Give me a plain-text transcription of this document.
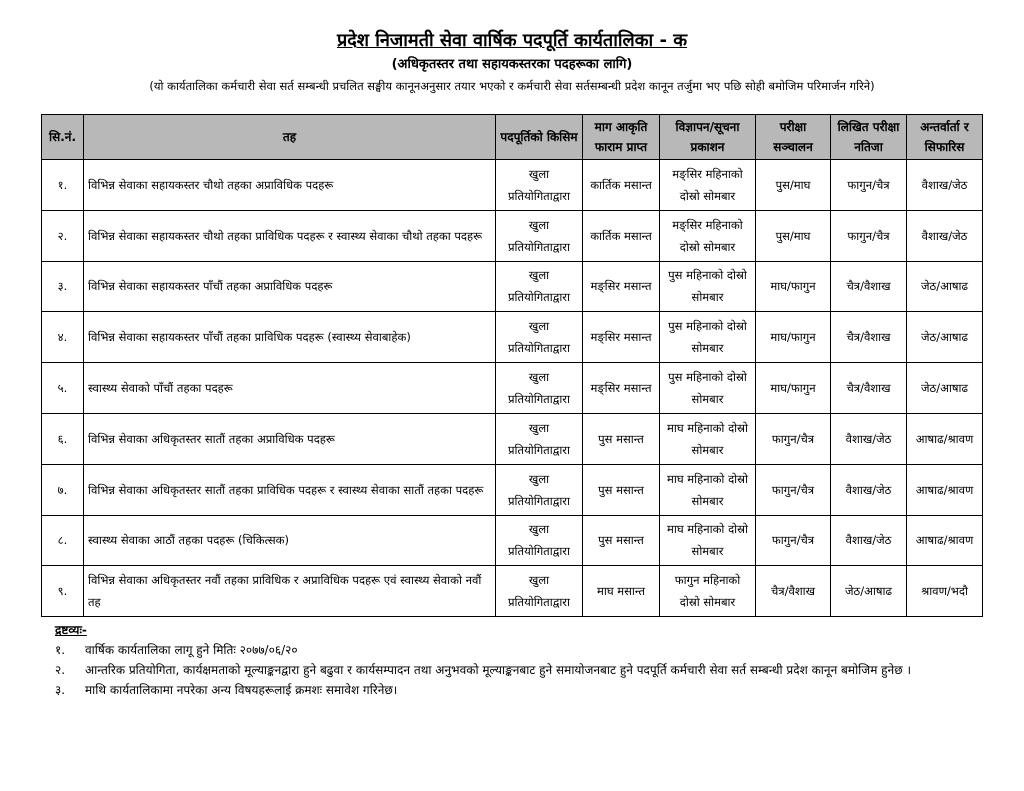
प्रदेश निजामती सेवा वार्षिक पदपूर्ति कार्यतालिका - क
(अधिकृतस्तर तथा सहायकस्तरका पदहरूका लागि)
(यो कार्यतालिका कर्मचारी सेवा सर्त सम्बन्धी प्रचलित सङ्घीय कानूनअनुसार तयार भएको र कर्मचारी सेवा सर्तसम्बन्धी प्रदेश कानून तर्जुमा भए पछि सोही बमोजिम परिमार्जन गरिने)
सि.नं.	तह	पदपूर्तिको किसिम	माग आकृति फाराम प्राप्त	विज्ञापन/सूचना प्रकाशन	परीक्षा सञ्चालन	लिखित परीक्षा नतिजा	अन्तर्वार्ता र सिफारिस
१.	विभिन्न सेवाका सहायकस्तर चौथो तहका अप्राविधिक पदहरू	खुला प्रतियोगिताद्वारा	कार्तिक मसान्त	मङ्सिर महिनाको दोस्रो सोमबार	पुस/माघ	फागुन/चैत्र	वैशाख/जेठ
२.	विभिन्न सेवाका सहायकस्तर चौथो तहका प्राविधिक पदहरू र स्वास्थ्य सेवाका चौथो तहका पदहरू	खुला प्रतियोगिताद्वारा	कार्तिक मसान्त	मङ्सिर महिनाको दोस्रो सोमबार	पुस/माघ	फागुन/चैत्र	वैशाख/जेठ
३.	विभिन्न सेवाका सहायकस्तर पाँचौं तहका अप्राविधिक पदहरू	खुला प्रतियोगिताद्वारा	मङ्सिर मसान्त	पुस महिनाको दोस्रो सोमबार	माघ/फागुन	चैत्र/वैशाख	जेठ/आषाढ
४.	विभिन्न सेवाका सहायकस्तर पाँचौं तहका प्राविधिक पदहरू (स्वास्थ्य सेवाबाहेक)	खुला प्रतियोगिताद्वारा	मङ्सिर मसान्त	पुस महिनाको दोस्रो सोमबार	माघ/फागुन	चैत्र/वैशाख	जेठ/आषाढ
५.	स्वास्थ्य सेवाको पाँचौं तहका पदहरू	खुला प्रतियोगिताद्वारा	मङ्सिर मसान्त	पुस महिनाको दोस्रो सोमबार	माघ/फागुन	चैत्र/वैशाख	जेठ/आषाढ
६.	विभिन्न सेवाका अधिकृतस्तर सातौं तहका अप्राविधिक पदहरू	खुला प्रतियोगिताद्वारा	पुस मसान्त	माघ महिनाको दोस्रो सोमबार	फागुन/चैत्र	वैशाख/जेठ	आषाढ/श्रावण
७.	विभिन्न सेवाका अधिकृतस्तर सातौं तहका प्राविधिक पदहरू र स्वास्थ्य सेवाका सातौं तहका पदहरू	खुला प्रतियोगिताद्वारा	पुस मसान्त	माघ महिनाको दोस्रो सोमबार	फागुन/चैत्र	वैशाख/जेठ	आषाढ/श्रावण
८.	स्वास्थ्य सेवाका आठौं तहका पदहरू (चिकित्सक)	खुला प्रतियोगिताद्वारा	पुस मसान्त	माघ महिनाको दोस्रो सोमबार	फागुन/चैत्र	वैशाख/जेठ	आषाढ/श्रावण
९.	विभिन्न सेवाका अधिकृतस्तर नवौं तहका प्राविधिक र अप्राविधिक पदहरू एवं स्वास्थ्य सेवाको नवौं तह	खुला प्रतियोगिताद्वारा	माघ मसान्त	फागुन महिनाको दोस्रो सोमबार	चैत्र/वैशाख	जेठ/आषाढ	श्रावण/भदौ
द्रष्टव्यः-
१.	वार्षिक कार्यतालिका लागू हुने मितिः २०७७/०६/२०
२.	आन्तरिक प्रतियोगिता, कार्यक्षमताको मूल्याङ्कनद्वारा हुने बढुवा र कार्यसम्पादन तथा अनुभवको मूल्याङ्कनबाट हुने समायोजनबाट हुने पदपूर्ति कर्मचारी सेवा सर्त सम्बन्धी प्रदेश कानून बमोजिम हुनेछ ।
३.	माथि कार्यतालिकामा नपरेका अन्य विषयहरूलाई क्रमशः समावेश गरिनेछ।
